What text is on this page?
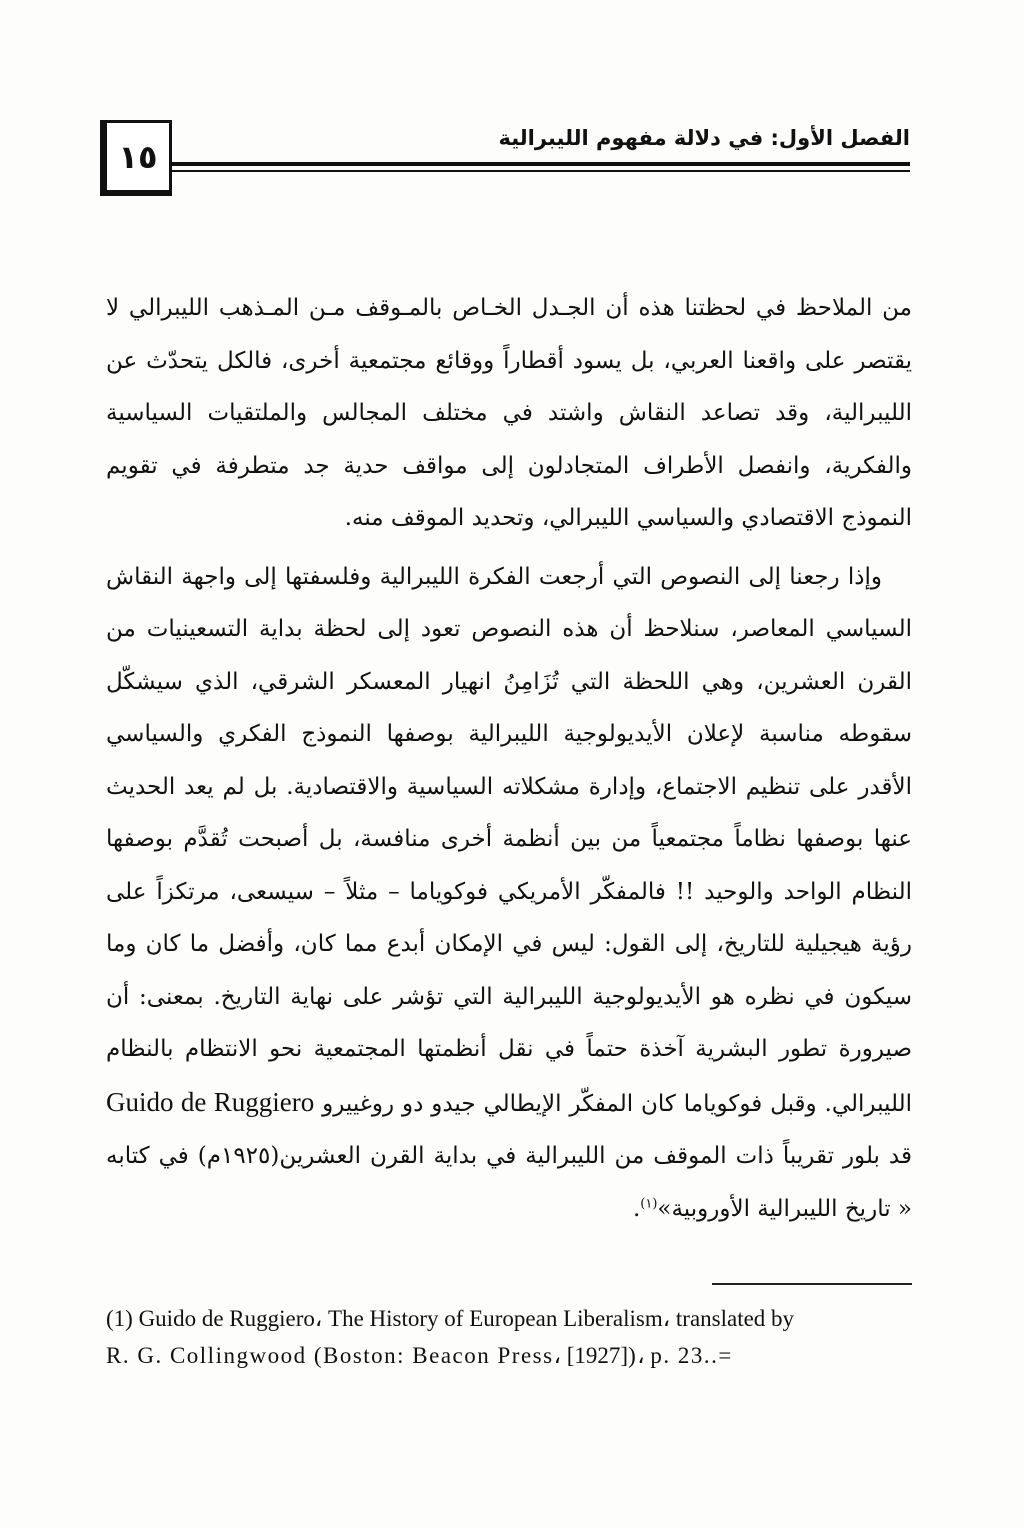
١٥	الفصل الأول: في دلالة مفهوم الليبرالية

من الملاحظ في لحظتنا هذه أن الجـدل الخـاص بالمـوقف مـن المـذهب الليبرالي لا يقتصر على واقعنا العربي، بل يسود أقطاراً ووقائع مجتمعية أخرى، فالكل يتحدّث عن الليبرالية، وقد تصاعد النقاش واشتد في مختلف المجالس والملتقيات السياسية والفكرية، وانفصل الأطراف المتجادلون إلى مواقف حدية جد متطرفة في تقويم النموذج الاقتصادي والسياسي الليبرالي، وتحديد الموقف منه.

وإذا رجعنا إلى النصوص التي أرجعت الفكرة الليبرالية وفلسفتها إلى واجهة النقاش السياسي المعاصر، سنلاحظ أن هذه النصوص تعود إلى لحظة بداية التسعينيات من القرن العشرين، وهي اللحظة التي تُزَامِنُ انهيار المعسكر الشرقي، الذي سيشكّل سقوطه مناسبة لإعلان الأيديولوجية الليبرالية بوصفها النموذج الفكري والسياسي الأقدر على تنظيم الاجتماع، وإدارة مشكلاته السياسية والاقتصادية. بل لم يعد الحديث عنها بوصفها نظاماً مجتمعياً من بين أنظمة أخرى منافسة، بل أصبحت تُقدَّم بوصفها النظام الواحد والوحيد !! فالمفكّر الأمريكي فوكوياما – مثلاً – سيسعى، مرتكزاً على رؤية هيجيلية للتاريخ، إلى القول: ليس في الإمكان أبدع مما كان، وأفضل ما كان وما سيكون في نظره هو الأيديولوجية الليبرالية التي تؤشر على نهاية التاريخ. بمعنى: أن صيرورة تطور البشرية آخذة حتماً في نقل أنظمتها المجتمعية نحو الانتظام بالنظام الليبرالي. وقبل فوكوياما كان المفكّر الإيطالي جيدو دو روغييرو Guido de Ruggiero قد بلور تقريباً ذات الموقف من الليبرالية في بداية القرن العشرين(١٩٢٥م) في كتابه « تاريخ الليبرالية الأوروبية»$^{(١)}$.

(1) Guido de Ruggiero، The History of European Liberalism، translated by
R. G. Collingwood (Boston: Beacon Press، [1927])، p. 23..=
